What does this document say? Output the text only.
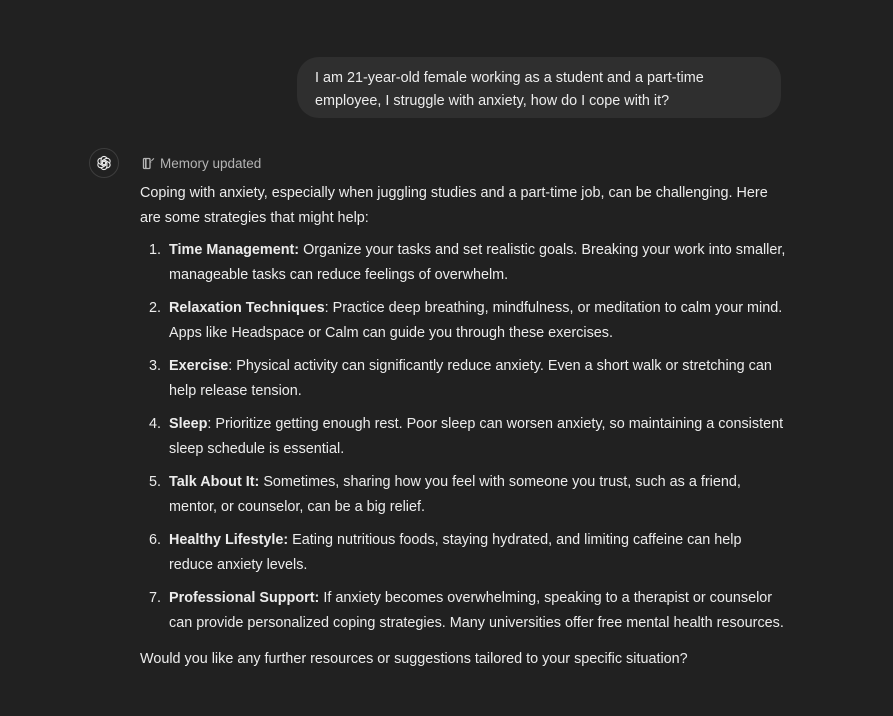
I am 21-year-old female working as a student and a part-time employee, I struggle with anxiety, how do I cope with it?
Memory updated

Coping with anxiety, especially when juggling studies and a part-time job, can be challenging. Here are some strategies that might help:

1. Time Management: Organize your tasks and set realistic goals. Breaking your work into smaller, manageable tasks can reduce feelings of overwhelm.
2. Relaxation Techniques: Practice deep breathing, mindfulness, or meditation to calm your mind. Apps like Headspace or Calm can guide you through these exercises.
3. Exercise: Physical activity can significantly reduce anxiety. Even a short walk or stretching can help release tension.
4. Sleep: Prioritize getting enough rest. Poor sleep can worsen anxiety, so maintaining a consistent sleep schedule is essential.
5. Talk About It: Sometimes, sharing how you feel with someone you trust, such as a friend, mentor, or counselor, can be a big relief.
6. Healthy Lifestyle: Eating nutritious foods, staying hydrated, and limiting caffeine can help reduce anxiety levels.
7. Professional Support: If anxiety becomes overwhelming, speaking to a therapist or counselor can provide personalized coping strategies. Many universities offer free mental health resources.

Would you like any further resources or suggestions tailored to your specific situation?
